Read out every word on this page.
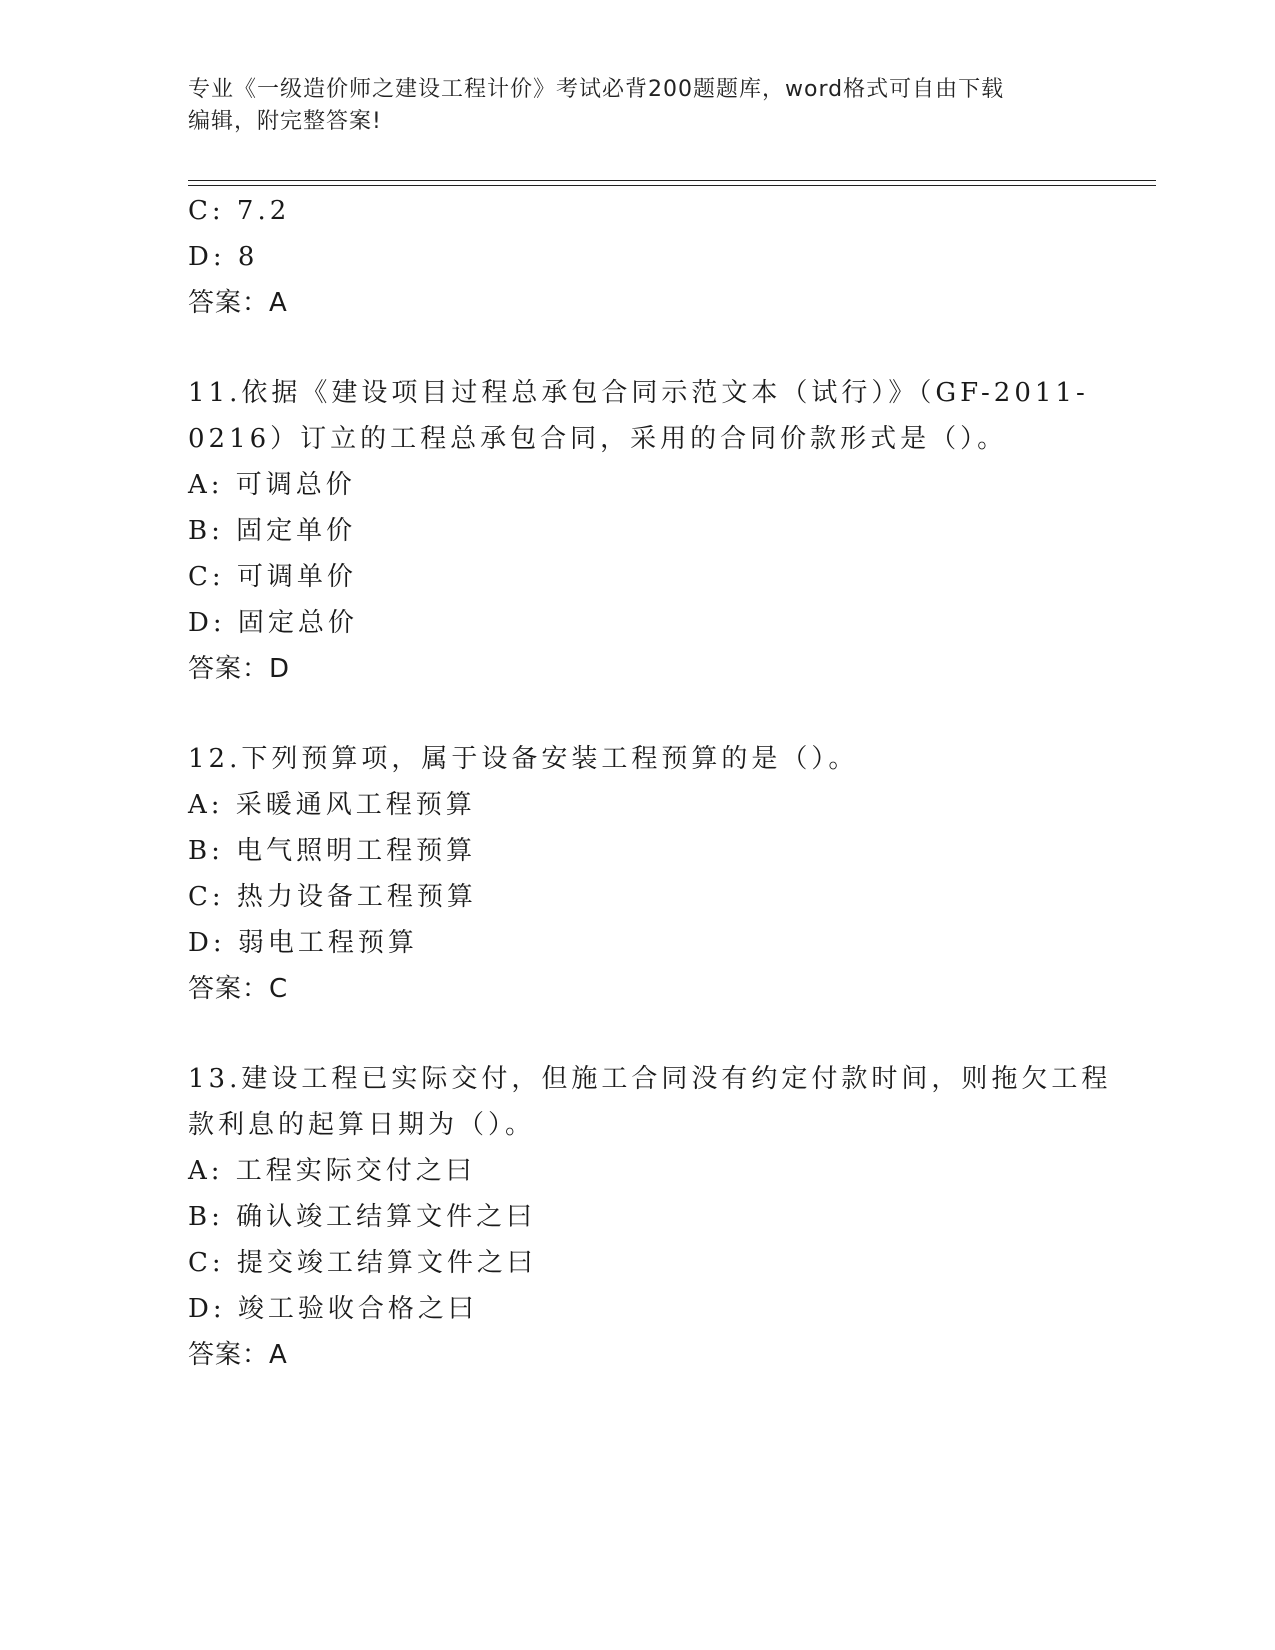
专业《一级造价师之建设工程计价》考试必背200题题库，word格式可自由下载
编辑，附完整答案!
C: 7.2
D: 8
答案：A
11.依据《建设项目过程总承包合同示范文本（试行）》（GF-2011-
0216）订立的工程总承包合同，采用的合同价款形式是（）。
A: 可调总价
B: 固定单价
C: 可调单价
D: 固定总价
答案：D
12.下列预算项，属于设备安装工程预算的是（）。
A: 采暖通风工程预算
B: 电气照明工程预算
C: 热力设备工程预算
D: 弱电工程预算
答案：C
13.建设工程已实际交付，但施工合同没有约定付款时间，则拖欠工程
款利息的起算日期为（）。
A: 工程实际交付之曰
B: 确认竣工结算文件之曰
C: 提交竣工结算文件之曰
D: 竣工验收合格之曰
答案：A
